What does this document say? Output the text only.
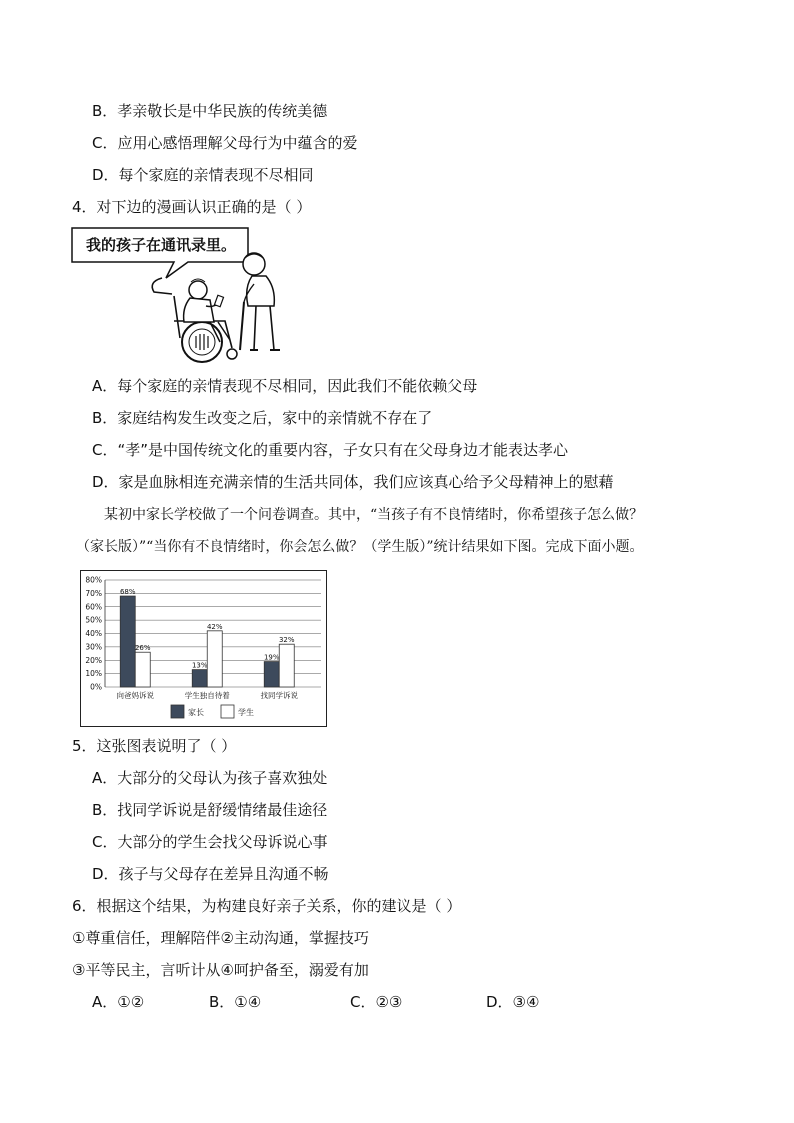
B．孝亲敬长是中华民族的传统美德
C．应用心感悟理解父母行为中蕴含的爱
D．每个家庭的亲情表现不尽相同
4．对下边的漫画认识正确的是（ ）
我的孩子在通讯录里。
A．每个家庭的亲情表现不尽相同，因此我们不能依赖父母
B．家庭结构发生改变之后，家中的亲情就不存在了
C．“孝”是中国传统文化的重要内容，子女只有在父母身边才能表达孝心
D．家是血脉相连充满亲情的生活共同体，我们应该真心给予父母精神上的慰藉
某初中家长学校做了一个问卷调查。其中，“当孩子有不良情绪时，你希望孩子怎么做？
（家长版）”“当你有不良情绪时，你会怎么做？（学生版）”统计结果如下图。完成下面小题。
0%
10%
20%
30%
40%
50%
60%
70%
80%
68%
26%
向爸妈诉说
13%
42%
学生独自待着
19%
32%
找同学诉说
家长	学生
5．这张图表说明了（ ）
A．大部分的父母认为孩子喜欢独处
B．找同学诉说是舒缓情绪最佳途径
C．大部分的学生会找父母诉说心事
D．孩子与父母存在差异且沟通不畅
6．根据这个结果，为构建良好亲子关系，你的建议是（ ）
①尊重信任，理解陪伴②主动沟通，掌握技巧
③平等民主，言听计从④呵护备至，溺爱有加
A．①②	B．①④	C．②③	D．③④
